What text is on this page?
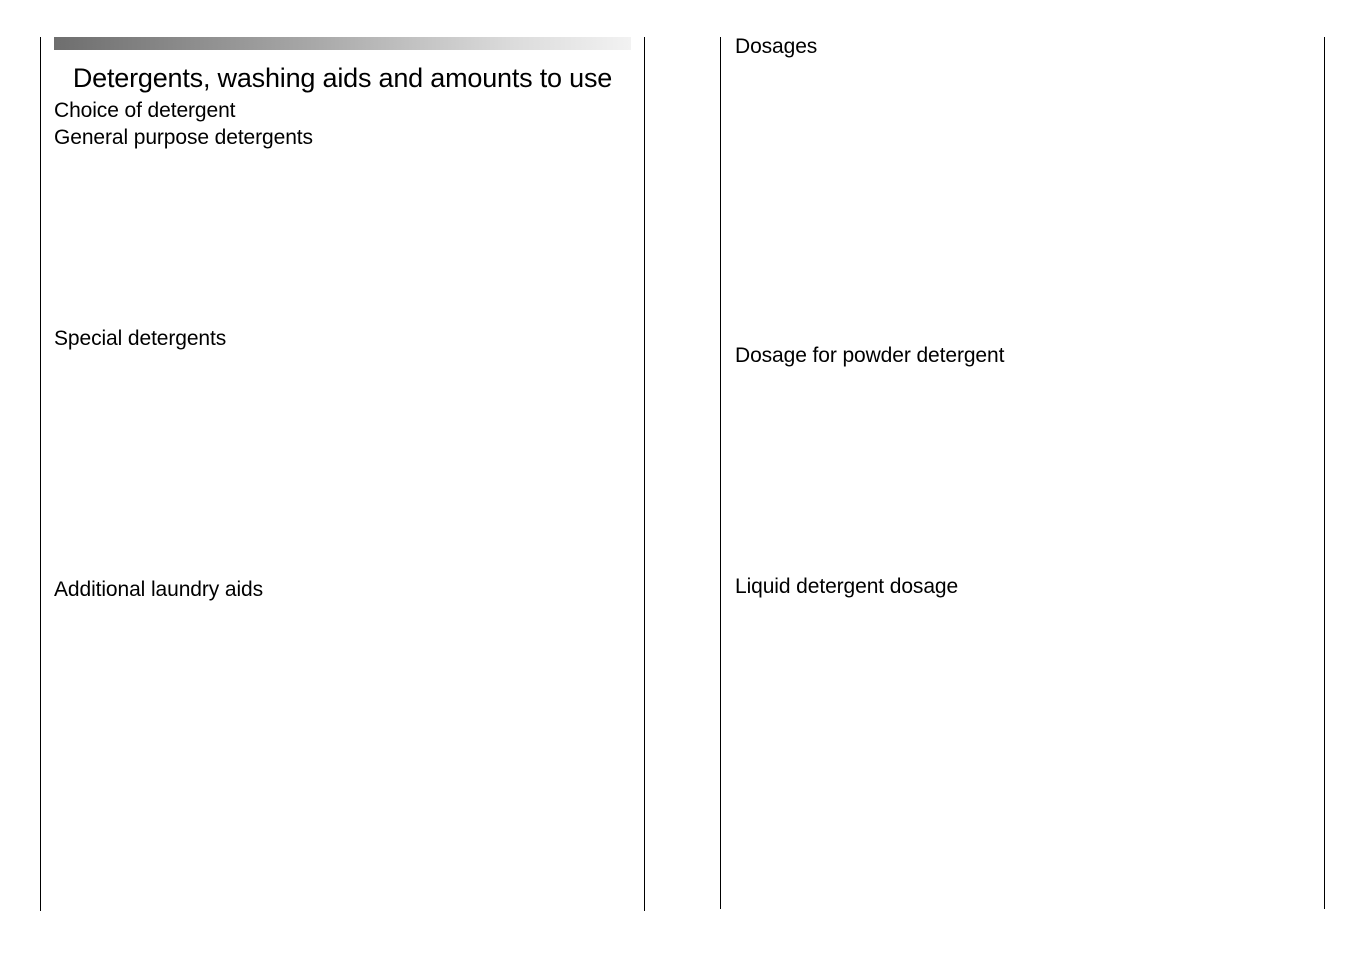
Detergents, washing aids and amounts to use
Choice of detergent
General purpose detergents
Special detergents
Additional laundry aids
Dosages
Dosage for powder detergent
Liquid detergent dosage
